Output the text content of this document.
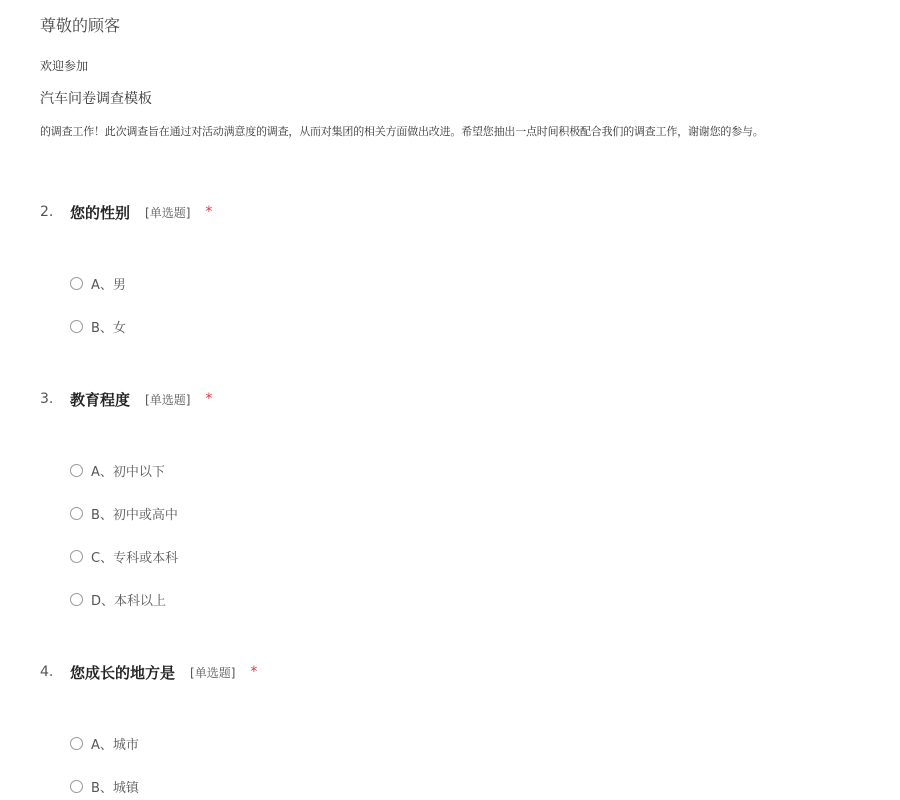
尊敬的顾客
欢迎参加
汽车问卷调查模板
的调查工作！此次调查旨在通过对活动满意度的调查，从而对集团的相关方面做出改进。希望您抽出一点时间积极配合我们的调查工作，谢谢您的参与。
2.	您的性别 [单选题] *
A、男
B、女
3.	教育程度 [单选题] *
A、初中以下
B、初中或高中
C、专科或本科
D、本科以上
4.	您成长的地方是 [单选题] *
A、城市
B、城镇
